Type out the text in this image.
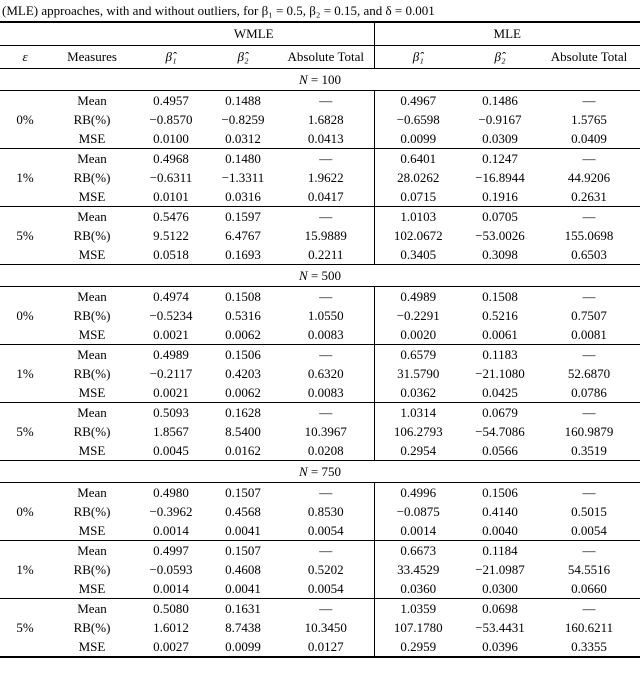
(MLE) approaches, with and without outliers, for β₁ = 0.5, β₂ = 0.15, and δ = 0.001
		WMLE			MLE		
ε	Measures	β̂₁	β̂₂	Absolute Total	β̂₁	β̂₂	Absolute Total
N = 100							
0%	Mean	0.4957	0.1488	—	0.4967	0.1486	—
	RB(%)	−0.8570	−0.8259	1.6828	−0.6598	−0.9167	1.5765
	MSE	0.0100	0.0312	0.0413	0.0099	0.0309	0.0409
1%	Mean	0.4968	0.1480	—	0.6401	0.1247	—
	RB(%)	−0.6311	−1.3311	1.9622	28.0262	−16.8944	44.9206
	MSE	0.0101	0.0316	0.0417	0.0715	0.1916	0.2631
5%	Mean	0.5476	0.1597	—	1.0103	0.0705	—
	RB(%)	9.5122	6.4767	15.9889	102.0672	−53.0026	155.0698
	MSE	0.0518	0.1693	0.2211	0.3405	0.3098	0.6503
N = 500							
0%	Mean	0.4974	0.1508	—	0.4989	0.1508	—
	RB(%)	−0.5234	0.5316	1.0550	−0.2291	0.5216	0.7507
	MSE	0.0021	0.0062	0.0083	0.0020	0.0061	0.0081
1%	Mean	0.4989	0.1506	—	0.6579	0.1183	—
	RB(%)	−0.2117	0.4203	0.6320	31.5790	−21.1080	52.6870
	MSE	0.0021	0.0062	0.0083	0.0362	0.0425	0.0786
5%	Mean	0.5093	0.1628	—	1.0314	0.0679	—
	RB(%)	1.8567	8.5400	10.3967	106.2793	−54.7086	160.9879
	MSE	0.0045	0.0162	0.0208	0.2954	0.0566	0.3519
N = 750							
0%	Mean	0.4980	0.1507	—	0.4996	0.1506	—
	RB(%)	−0.3962	0.4568	0.8530	−0.0875	0.4140	0.5015
	MSE	0.0014	0.0041	0.0054	0.0014	0.0040	0.0054
1%	Mean	0.4997	0.1507	—	0.6673	0.1184	—
	RB(%)	−0.0593	0.4608	0.5202	33.4529	−21.0987	54.5516
	MSE	0.0014	0.0041	0.0054	0.0360	0.0300	0.0660
5%	Mean	0.5080	0.1631	—	1.0359	0.0698	—
	RB(%)	1.6012	8.7438	10.3450	107.1780	−53.4431	160.6211
	MSE	0.0027	0.0099	0.0127	0.2959	0.0396	0.3355
